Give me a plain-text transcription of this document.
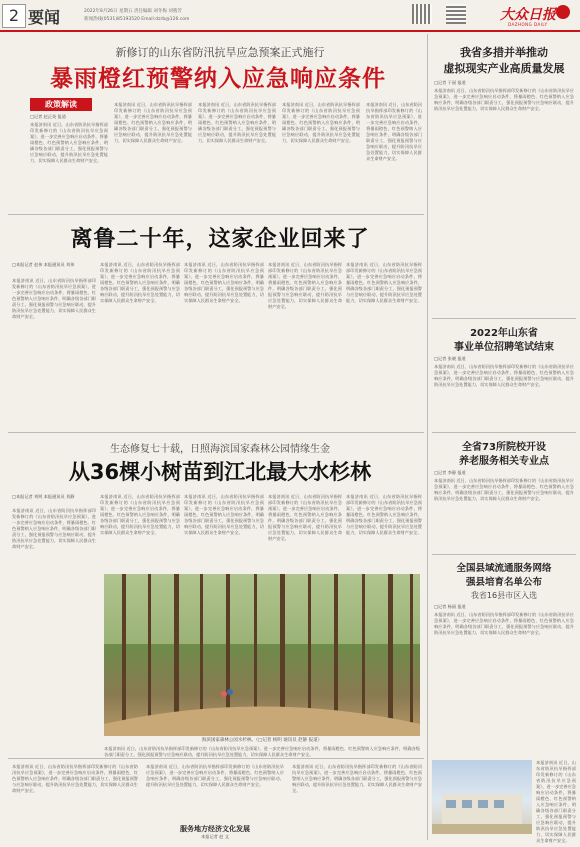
2 要闻	2022年8月26日 星期五 责任编辑 刘冬梅 刘燕芳
新闻热线(0531)85193520 Email:dzrb@126.com	大众日报
DAZHONG DAILY
新修订的山东省防汛抗旱应急预案正式施行
暴雨橙红预警纳入应急响应条件
政策解读
□记者 赵正英 报道
本报济南讯 近日，山东省防汛抗旱指挥部印发新修订的《山东省防汛抗旱应急预案》，进一步完善应急响应启动条件，将暴雨橙色、红色预警纳入应急响应条件，明确各级各部门职责分工，强化预报预警与应急响应联动，提升防汛抗旱应急处置能力，切实保障人民群众生命财产安全。
本报济南讯 近日，山东省防汛抗旱指挥部印发新修订的《山东省防汛抗旱应急预案》，进一步完善应急响应启动条件，将暴雨橙色、红色预警纳入应急响应条件，明确各级各部门职责分工，强化预报预警与应急响应联动，提升防汛抗旱应急处置能力，切实保障人民群众生命财产安全。
本报济南讯 近日，山东省防汛抗旱指挥部印发新修订的《山东省防汛抗旱应急预案》，进一步完善应急响应启动条件，将暴雨橙色、红色预警纳入应急响应条件，明确各级各部门职责分工，强化预报预警与应急响应联动，提升防汛抗旱应急处置能力，切实保障人民群众生命财产安全。
本报济南讯 近日，山东省防汛抗旱指挥部印发新修订的《山东省防汛抗旱应急预案》，进一步完善应急响应启动条件，将暴雨橙色、红色预警纳入应急响应条件，明确各级各部门职责分工，强化预报预警与应急响应联动，提升防汛抗旱应急处置能力，切实保障人民群众生命财产安全。
本报济南讯 近日，山东省防汛抗旱指挥部印发新修订的《山东省防汛抗旱应急预案》，进一步完善应急响应启动条件，将暴雨橙色、红色预警纳入应急响应条件，明确各级各部门职责分工，强化预报预警与应急响应联动，提升防汛抗旱应急处置能力，切实保障人民群众生命财产安全。
离鲁二十年，这家企业回来了
□本报记者 赵伟 本报通讯员 刘伟
本报济南讯 近日，山东省防汛抗旱指挥部印发新修订的《山东省防汛抗旱应急预案》，进一步完善应急响应启动条件，将暴雨橙色、红色预警纳入应急响应条件，明确各级各部门职责分工，强化预报预警与应急响应联动，提升防汛抗旱应急处置能力，切实保障人民群众生命财产安全。
本报济南讯 近日，山东省防汛抗旱指挥部印发新修订的《山东省防汛抗旱应急预案》，进一步完善应急响应启动条件，将暴雨橙色、红色预警纳入应急响应条件，明确各级各部门职责分工，强化预报预警与应急响应联动，提升防汛抗旱应急处置能力，切实保障人民群众生命财产安全。
本报济南讯 近日，山东省防汛抗旱指挥部印发新修订的《山东省防汛抗旱应急预案》，进一步完善应急响应启动条件，将暴雨橙色、红色预警纳入应急响应条件，明确各级各部门职责分工，强化预报预警与应急响应联动，提升防汛抗旱应急处置能力，切实保障人民群众生命财产安全。
本报济南讯 近日，山东省防汛抗旱指挥部印发新修订的《山东省防汛抗旱应急预案》，进一步完善应急响应启动条件，将暴雨橙色、红色预警纳入应急响应条件，明确各级各部门职责分工，强化预报预警与应急响应联动，提升防汛抗旱应急处置能力，切实保障人民群众生命财产安全。
本报济南讯 近日，山东省防汛抗旱指挥部印发新修订的《山东省防汛抗旱应急预案》，进一步完善应急响应启动条件，将暴雨橙色、红色预警纳入应急响应条件，明确各级各部门职责分工，强化预报预警与应急响应联动，提升防汛抗旱应急处置能力，切实保障人民群众生命财产安全。
生态修复七十载，日照海滨国家森林公园情缘生金
从36棵小树苗到江北最大水杉林
□本报记者 刘明 本报通讯员 刘静
本报济南讯 近日，山东省防汛抗旱指挥部印发新修订的《山东省防汛抗旱应急预案》，进一步完善应急响应启动条件，将暴雨橙色、红色预警纳入应急响应条件，明确各级各部门职责分工，强化预报预警与应急响应联动，提升防汛抗旱应急处置能力，切实保障人民群众生命财产安全。
本报济南讯 近日，山东省防汛抗旱指挥部印发新修订的《山东省防汛抗旱应急预案》，进一步完善应急响应启动条件，将暴雨橙色、红色预警纳入应急响应条件，明确各级各部门职责分工，强化预报预警与应急响应联动，提升防汛抗旱应急处置能力，切实保障人民群众生命财产安全。
本报济南讯 近日，山东省防汛抗旱指挥部印发新修订的《山东省防汛抗旱应急预案》，进一步完善应急响应启动条件，将暴雨橙色、红色预警纳入应急响应条件，明确各级各部门职责分工，强化预报预警与应急响应联动，提升防汛抗旱应急处置能力，切实保障人民群众生命财产安全。
本报济南讯 近日，山东省防汛抗旱指挥部印发新修订的《山东省防汛抗旱应急预案》，进一步完善应急响应启动条件，将暴雨橙色、红色预警纳入应急响应条件，明确各级各部门职责分工，强化预报预警与应急响应联动，提升防汛抗旱应急处置能力，切实保障人民群众生命财产安全。
本报济南讯 近日，山东省防汛抗旱指挥部印发新修订的《山东省防汛抗旱应急预案》，进一步完善应急响应启动条件，将暴雨橙色、红色预警纳入应急响应条件，明确各级各部门职责分工，强化预报预警与应急响应联动，提升防汛抗旱应急处置能力，切实保障人民群众生命财产安全。
海滨国家森林公园水杉林。（□记者 杨明 通讯员 赵静 报道）
本报济南讯 近日，山东省防汛抗旱指挥部印发新修订的《山东省防汛抗旱应急预案》，进一步完善应急响应启动条件，将暴雨橙色、红色预警纳入应急响应条件，明确各级各部门职责分工，强化预报预警与应急响应联动，提升防汛抗旱应急处置能力，切实保障人民群众生命财产安全。
本报济南讯 近日，山东省防汛抗旱指挥部印发新修订的《山东省防汛抗旱应急预案》，进一步完善应急响应启动条件，将暴雨橙色、红色预警纳入应急响应条件，明确各级各部门职责分工，强化预报预警与应急响应联动，提升防汛抗旱应急处置能力，切实保障人民群众生命财产安全。
本报济南讯 近日，山东省防汛抗旱指挥部印发新修订的《山东省防汛抗旱应急预案》，进一步完善应急响应启动条件，将暴雨橙色、红色预警纳入应急响应条件，明确各级各部门职责分工，强化预报预警与应急响应联动，提升防汛抗旱应急处置能力，切实保障人民群众生命财产安全。
服务地方经济文化发展
本报记者 赵 文
本报济南讯 近日，山东省防汛抗旱指挥部印发新修订的《山东省防汛抗旱应急预案》，进一步完善应急响应启动条件，将暴雨橙色、红色预警纳入应急响应条件，明确各级各部门职责分工，强化预报预警与应急响应联动，提升防汛抗旱应急处置能力，切实保障人民群众生命财产安全。
我省多措并举推动
虚拟现实产业高质量发展
□记者 于丽 报道
本报济南讯 近日，山东省防汛抗旱指挥部印发新修订的《山东省防汛抗旱应急预案》，进一步完善应急响应启动条件，将暴雨橙色、红色预警纳入应急响应条件，明确各级各部门职责分工，强化预报预警与应急响应联动，提升防汛抗旱应急处置能力，切实保障人民群众生命财产安全。
2022年山东省
事业单位招聘笔试结束
□记者 张晓 报道
本报济南讯 近日，山东省防汛抗旱指挥部印发新修订的《山东省防汛抗旱应急预案》，进一步完善应急响应启动条件，将暴雨橙色、红色预警纳入应急响应条件，明确各级各部门职责分工，强化预报预警与应急响应联动，提升防汛抗旱应急处置能力，切实保障人民群众生命财产安全。
全省73所院校开设
养老服务相关专业点
□记者 李静 报道
本报济南讯 近日，山东省防汛抗旱指挥部印发新修订的《山东省防汛抗旱应急预案》，进一步完善应急响应启动条件，将暴雨橙色、红色预警纳入应急响应条件，明确各级各部门职责分工，强化预报预警与应急响应联动，提升防汛抗旱应急处置能力，切实保障人民群众生命财产安全。
全国县域流通服务网络
强县培育名单公布
我省16县市区入选
□记者 杨丽 报道
本报济南讯 近日，山东省防汛抗旱指挥部印发新修订的《山东省防汛抗旱应急预案》，进一步完善应急响应启动条件，将暴雨橙色、红色预警纳入应急响应条件，明确各级各部门职责分工，强化预报预警与应急响应联动，提升防汛抗旱应急处置能力，切实保障人民群众生命财产安全。
本报济南讯 近日，山东省防汛抗旱指挥部印发新修订的《山东省防汛抗旱应急预案》，进一步完善应急响应启动条件，将暴雨橙色、红色预警纳入应急响应条件，明确各级各部门职责分工，强化预报预警与应急响应联动，提升防汛抗旱应急处置能力，切实保障人民群众生命财产安全。
